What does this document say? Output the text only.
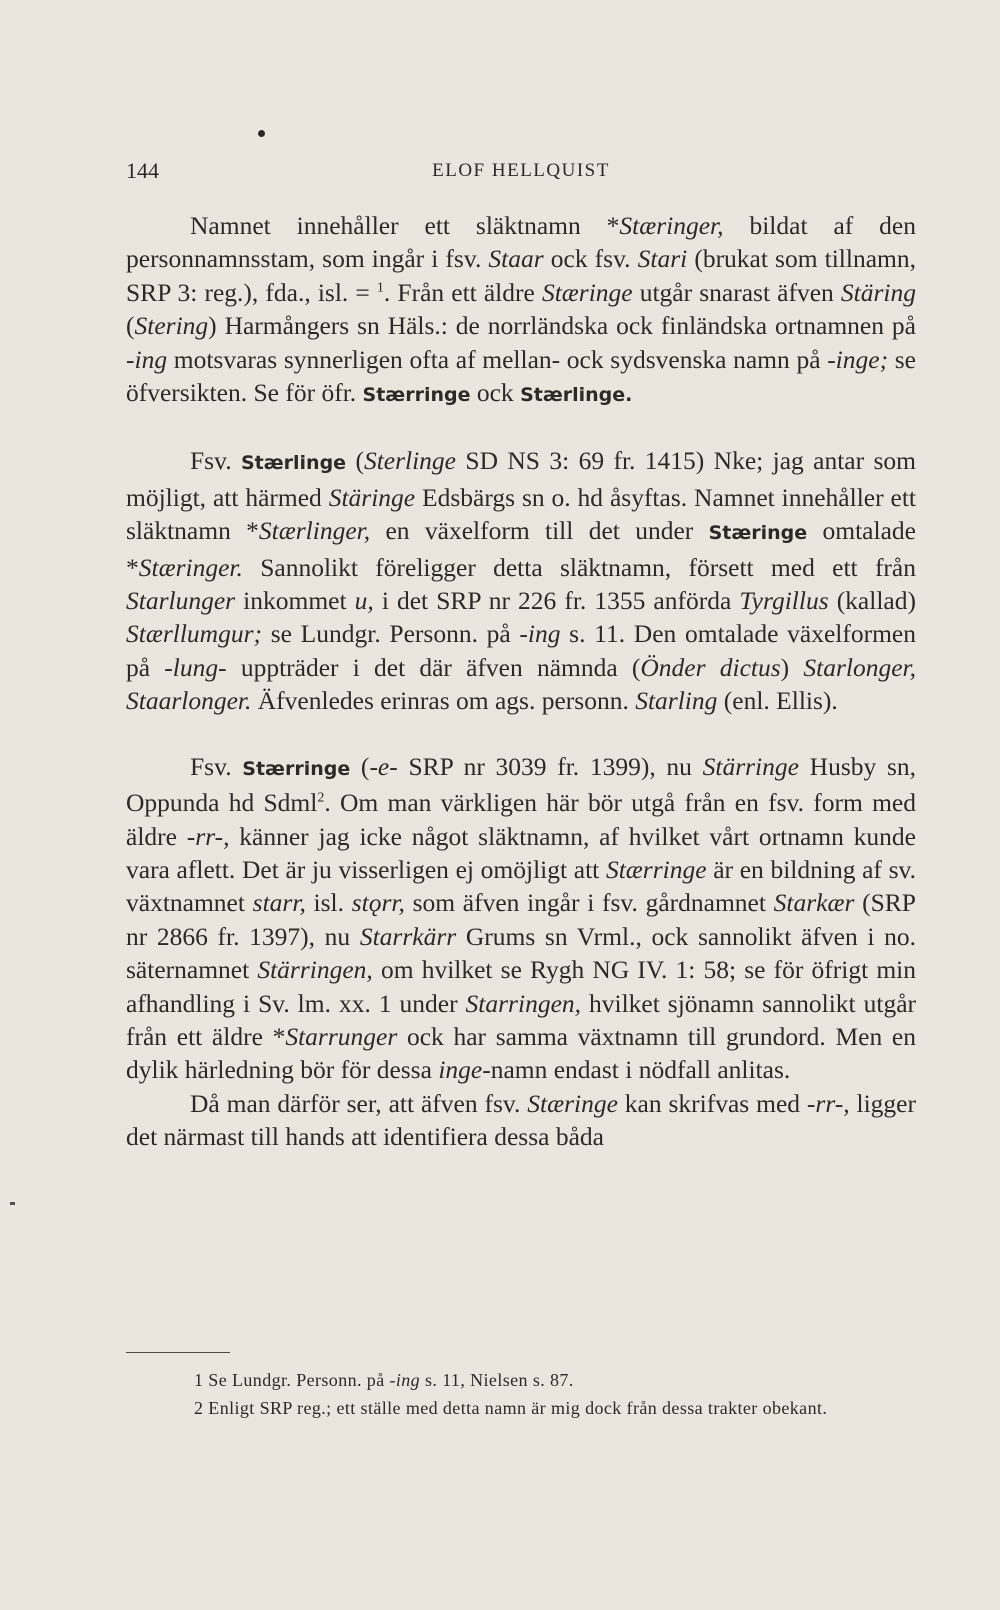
144	ELOF HELLQUIST

Namnet innehåller ett släktnamn *Stæringer, bildat af den personnamnsstam, som ingår i fsv. Staar ock fsv. Stari (brukat som tillnamn, SRP 3: reg.), fda., isl. = $^1$. Från ett äldre Stæringe utgår snarast äfven Stäring (Stering) Harmångers sn Häls.: de norrländska ock finländska ortnamnen på -ing motsvaras synnerligen ofta af mellan- ock sydsvenska namn på -inge; se öfversikten. Se för öfr. Stærringe ock Stærlinge.

Fsv. Stærlinge (Sterlinge SD NS 3: 69 fr. 1415) Nke; jag antar som möjligt, att härmed Stäringe Edsbärgs sn o. hd åsyftas. Namnet innehåller ett släktnamn *Stærlinger, en växelform till det under Stæringe omtalade *Stæringer. Sannolikt föreligger detta släktnamn, försett med ett från Starlunger inkommet u, i det SRP nr 226 fr. 1355 anförda Tyrgillus (kallad) Stærllumgur; se Lundgr. Personn. på -ing s. 11. Den omtalade växelformen på -lung- uppträder i det där äfven nämnda (Önder dictus) Starlonger, Staarlonger. Äfvenledes erinras om ags. personn. Starling (enl. Ellis).

Fsv. Stærringe (-e- SRP nr 3039 fr. 1399), nu Stärringe Husby sn, Oppunda hd Sdml$^2$. Om man värkligen här bör utgå från en fsv. form med äldre -rr-, känner jag icke något släktnamn, af hvilket vårt ortnamn kunde vara aflett. Det är ju visserligen ej omöjligt att Stærringe är en bildning af sv. växtnamnet starr, isl. stǫrr, som äfven ingår i fsv. gårdnamnet Starkær (SRP nr 2866 fr. 1397), nu Starrkärr Grums sn Vrml., ock sannolikt äfven i no. säternamnet Stärringen, om hvilket se Rygh NG IV. 1: 58; se för öfrigt min afhandling i Sv. lm. xx. 1 under Starringen, hvilket sjönamn sannolikt utgår från ett äldre *Starrunger ock har samma växtnamn till grundord. Men en dylik härledning bör för dessa inge-namn endast i nödfall anlitas.

Då man därför ser, att äfven fsv. Stæringe kan skrifvas med -rr-, ligger det närmast till hands att identifiera dessa båda

1 Se Lundgr. Personn. på -ing s. 11, Nielsen s. 87.

2 Enligt SRP reg.; ett ställe med detta namn är mig dock från dessa trakter obekant.
